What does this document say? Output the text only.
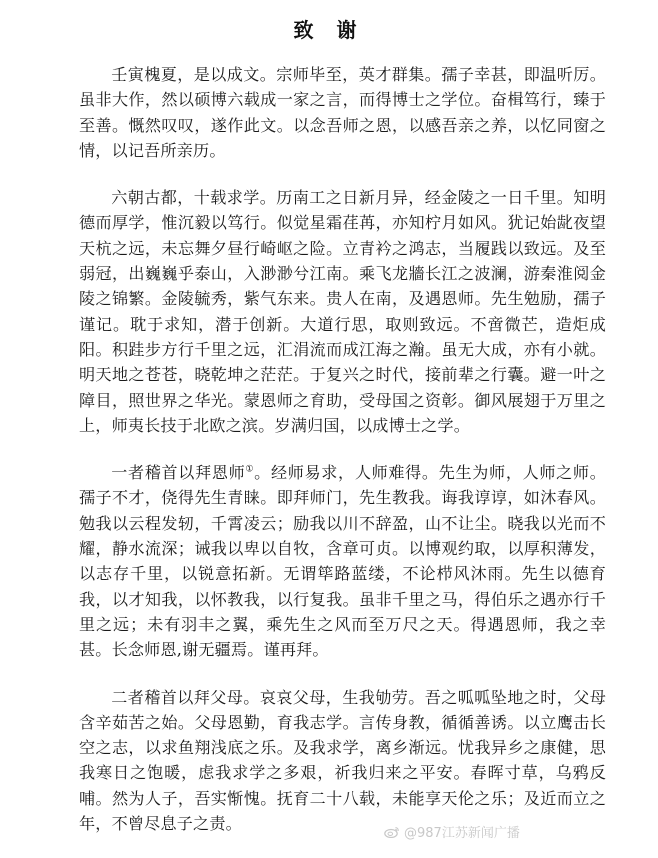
致 谢

壬寅槐夏，是以成文。宗师毕至，英才群集。孺子幸甚，即温听厉。虽非大作，然以硕博六载成一家之言，而得博士之学位。奋楫笃行，臻于至善。慨然叹叹，遂作此文。以念吾师之恩，以感吾亲之养，以忆同窗之情，以记吾所亲历。

六朝古都，十载求学。历南工之日新月异，经金陵之一日千里。知明德而厚学，惟沉毅以笃行。似觉星霜荏苒，亦知柠月如风。犹记始龀夜望天杭之远，未忘舞夕昼行崎岖之险。立青衿之鸿志，当履践以致远。及至弱冠，出巍巍乎泰山，入渺渺兮江南。乘飞龙牆长江之波澜，游秦淮阅金陵之锦繁。金陵毓秀，紫气东来。贵人在南，及遇恩师。先生勉励，孺子谨记。耽于求知，潜于创新。大道行思，取则致远。不啻微芒，造炬成阳。积跬步方行千里之远，汇涓流而成江海之瀚。虽无大成，亦有小就。明天地之苍苍，晓乾坤之茫茫。于复兴之时代，接前辈之行囊。避一叶之障目，照世界之华光。蒙恩师之育助，受母国之资彰。御风展翅于万里之上，师夷长技于北欧之滨。岁满归国，以成博士之学。

一者稽首以拜恩师①。经师易求，人师难得。先生为师，人师之师。孺子不才，侥得先生青睐。即拜师门，先生教我。诲我谆谆，如沐春风。勉我以云程发轫，千霄凌云；励我以川不辞盈，山不让尘。晓我以光而不耀，静水流深；诫我以卑以自牧，含章可贞。以博观约取，以厚积薄发，以志存千里，以锐意拓新。无谓筚路蓝缕，不论栉风沐雨。先生以德育我，以才知我，以怀教我，以行复我。虽非千里之马，得伯乐之遇亦行千里之远；未有羽丰之翼，乘先生之风而至万尺之天。得遇恩师，我之幸甚。长念师恩,谢无疆焉。谨再拜。

二者稽首以拜父母。哀哀父母，生我劬劳。吾之呱呱坠地之时，父母含辛茹苦之始。父母恩勤，育我志学。言传身教，循循善诱。以立鹰击长空之志，以求鱼翔浅底之乐。及我求学，离乡渐远。忧我异乡之康健，思我寒日之饱暖，虑我求学之多艰，祈我归来之平安。春晖寸草，乌鸦反哺。然为人子，吾实惭愧。抚育二十八载，未能享天伦之乐；及近而立之年，不曾尽息子之责。

@987江苏新闻广播
